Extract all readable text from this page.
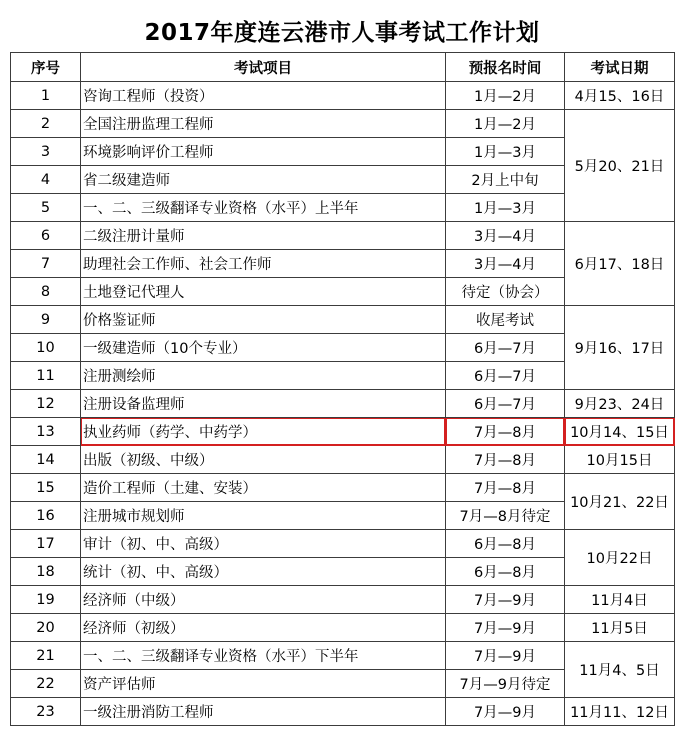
2017年度连云港市人事考试工作计划
序号	考试项目	预报名时间	考试日期
1	咨询工程师（投资）	1月—2月	4月15、16日
2	全国注册监理工程师	1月—2月	5月20、21日
3	环境影响评价工程师	1月—3月	
4	省二级建造师	2月上中旬	
5	一、二、三级翻译专业资格（水平）上半年	1月—3月	
6	二级注册计量师	3月—4月	6月17、18日
7	助理社会工作师、社会工作师	3月—4月	
8	土地登记代理人	待定（协会）	
9	价格鉴证师	收尾考试	9月16、17日
10	一级建造师（10个专业）	6月—7月	
11	注册测绘师	6月—7月	
12	注册设备监理师	6月—7月	9月23、24日
13	执业药师（药学、中药学）	7月—8月	10月14、15日
14	出版（初级、中级）	7月—8月	10月15日
15	造价工程师（土建、安装）	7月—8月	10月21、22日
16	注册城市规划师	7月—8月待定	
17	审计（初、中、高级）	6月—8月	10月22日
18	统计（初、中、高级）	6月—8月	
19	经济师（中级）	7月—9月	11月4日
20	经济师（初级）	7月—9月	11月5日
21	一、二、三级翻译专业资格（水平）下半年	7月—9月	11月4、5日
22	资产评估师	7月—9月待定	
23	一级注册消防工程师	7月—9月	11月11、12日
